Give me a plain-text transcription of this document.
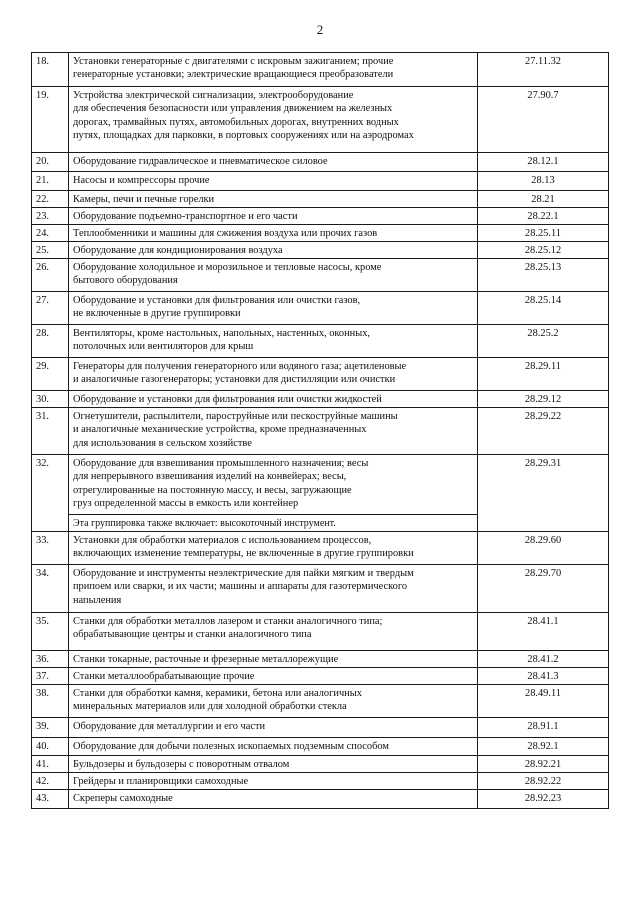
2
18.	Установки генераторные с двигателями с искровым зажиганием; прочие
генераторные установки; электрические вращающиеся преобразователи	27.11.32
19.	Устройства электрической сигнализации, электрооборудование
для обеспечения безопасности или управления движением на железных
дорогах, трамвайных путях, автомобильных дорогах, внутренних водных
путях, площадках для парковки, в портовых сооружениях или на аэродромах	27.90.7
20.	Оборудование гидравлическое и пневматическое силовое	28.12.1
21.	Насосы и компрессоры прочие	28.13
22.	Камеры, печи и печные горелки	28.21
23.	Оборудование подъемно-транспортное и его части	28.22.1
24.	Теплообменники и машины для сжижения воздуха или прочих газов	28.25.11
25.	Оборудование для кондиционирования воздуха	28.25.12
26.	Оборудование холодильное и морозильное и тепловые насосы, кроме
бытового оборудования	28.25.13
27.	Оборудование и установки для фильтрования или очистки газов,
не включенные в другие группировки	28.25.14
28.	Вентиляторы, кроме настольных, напольных, настенных, оконных,
потолочных или вентиляторов для крыш	28.25.2
29.	Генераторы для получения генераторного или водяного газа; ацетиленовые
и аналогичные газогенераторы; установки для дистилляции или очистки	28.29.11
30.	Оборудование и установки для фильтрования или очистки жидкостей	28.29.12
31.	Огнетушители, распылители, пароструйные или пескоструйные машины
и аналогичные механические устройства, кроме предназначенных
для использования в сельском хозяйстве	28.29.22
32.	Оборудование для взвешивания промышленного назначения; весы
для непрерывного взвешивания изделий на конвейерах; весы,
отрегулированные на постоянную массу, и весы, загружающие
груз определенной массы в емкость или контейнер	28.29.31

	Эта группировка также включает: высокоточный инструмент.	

33.	Установки для обработки материалов с использованием процессов,
включающих изменение температуры, не включенные в другие группировки	28.29.60
34.	Оборудование и инструменты неэлектрические для пайки мягким и твердым
припоем или сварки, и их части; машины и аппараты для газотермического
напыления	28.29.70
35.	Станки для обработки металлов лазером и станки аналогичного типа;
обрабатывающие центры и станки аналогичного типа	28.41.1
36.	Станки токарные, расточные и фрезерные металлорежущие	28.41.2
37.	Станки металлообрабатывающие прочие	28.41.3
38.	Станки для обработки камня, керамики, бетона или аналогичных
минеральных материалов или для холодной обработки стекла	28.49.11
39.	Оборудование для металлургии и его части	28.91.1
40.	Оборудование для добычи полезных ископаемых подземным способом	28.92.1
41.	Бульдозеры и бульдозеры с поворотным отвалом	28.92.21
42.	Грейдеры и планировщики самоходные	28.92.22
43.	Скреперы самоходные	28.92.23
